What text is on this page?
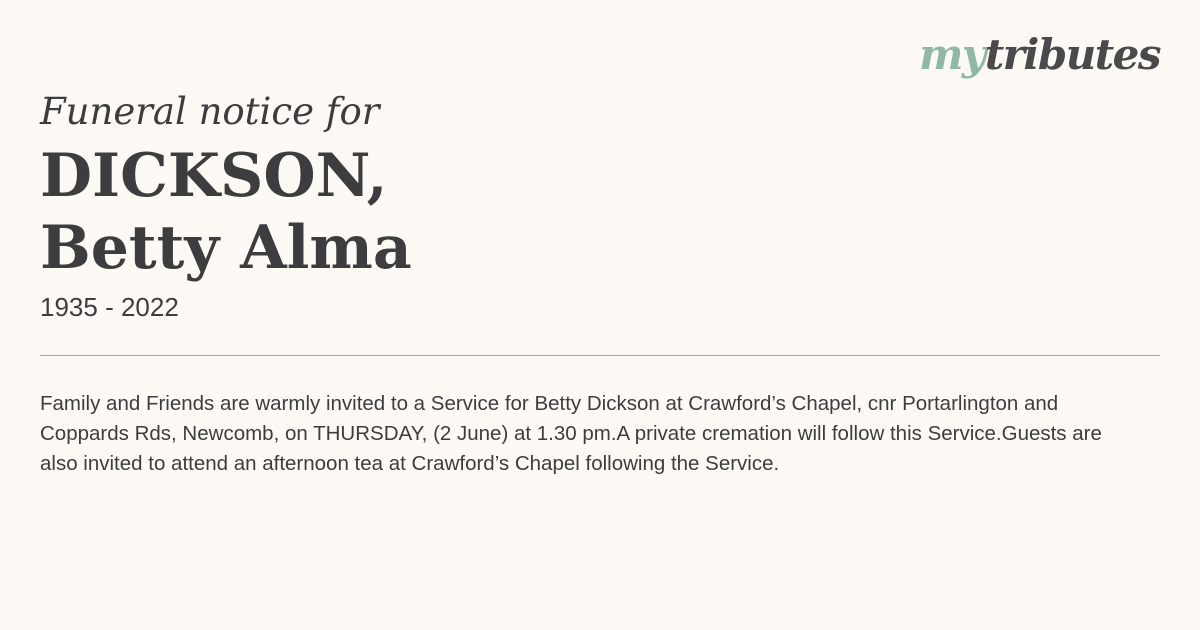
mytributes

Funeral notice for

DICKSON,
Betty Alma

1935 - 2022

Family and Friends are warmly invited to a Service for Betty Dickson at Crawford’s Chapel, cnr Portarlington and Coppards Rds, Newcomb, on THURSDAY, (2 June) at 1.30 pm.A private cremation will follow this Service.Guests are also invited to attend an afternoon tea at Crawford’s Chapel following the Service.
